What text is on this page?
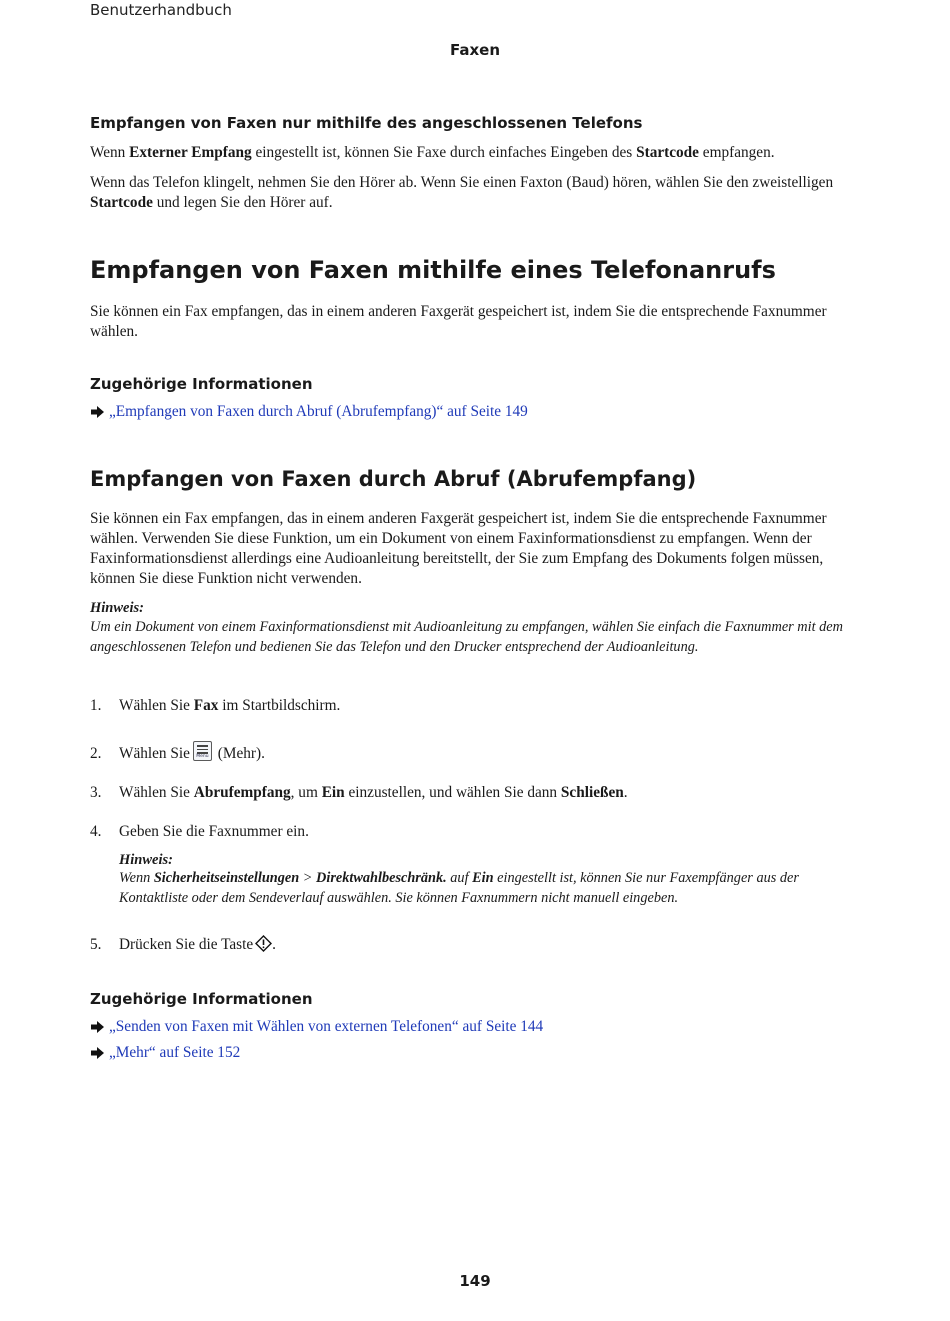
Benutzerhandbuch
Faxen
Empfangen von Faxen nur mithilfe des angeschlossenen Telefons
Wenn Externer Empfang eingestellt ist, können Sie Faxe durch einfaches Eingeben des Startcode empfangen.
Wenn das Telefon klingelt, nehmen Sie den Hörer ab. Wenn Sie einen Faxton (Baud) hören, wählen Sie den zweistelligen Startcode und legen Sie den Hörer auf.
Empfangen von Faxen mithilfe eines Telefonanrufs
Sie können ein Fax empfangen, das in einem anderen Faxgerät gespeichert ist, indem Sie die entsprechende Faxnummer wählen.
Zugehörige Informationen
„Empfangen von Faxen durch Abruf (Abrufempfang)“ auf Seite 149
Empfangen von Faxen durch Abruf (Abrufempfang)
Sie können ein Fax empfangen, das in einem anderen Faxgerät gespeichert ist, indem Sie die entsprechende Faxnummer wählen. Verwenden Sie diese Funktion, um ein Dokument von einem Faxinformationsdienst zu empfangen. Wenn der Faxinformationsdienst allerdings eine Audioanleitung bereitstellt, der Sie zum Empfang des Dokuments folgen müssen, können Sie diese Funktion nicht verwenden.
Hinweis:
Um ein Dokument von einem Faxinformationsdienst mit Audioanleitung zu empfangen, wählen Sie einfach die Faxnummer mit dem angeschlossenen Telefon und bedienen Sie das Telefon und den Drucker entsprechend der Audioanleitung.
1. Wählen Sie Fax im Startbildschirm.
2. Wählen Sie Menu (Mehr).
3. Wählen Sie Abrufempfang, um Ein einzustellen, und wählen Sie dann Schließen.
4. Geben Sie die Faxnummer ein.
Hinweis:
Wenn Sicherheitseinstellungen > Direktwahlbeschränk. auf Ein eingestellt ist, können Sie nur Faxempfänger aus der Kontaktliste oder dem Sendeverlauf auswählen. Sie können Faxnummern nicht manuell eingeben.
5. Drücken Sie die Taste .
Zugehörige Informationen
„Senden von Faxen mit Wählen von externen Telefonen“ auf Seite 144
„Mehr“ auf Seite 152
149
